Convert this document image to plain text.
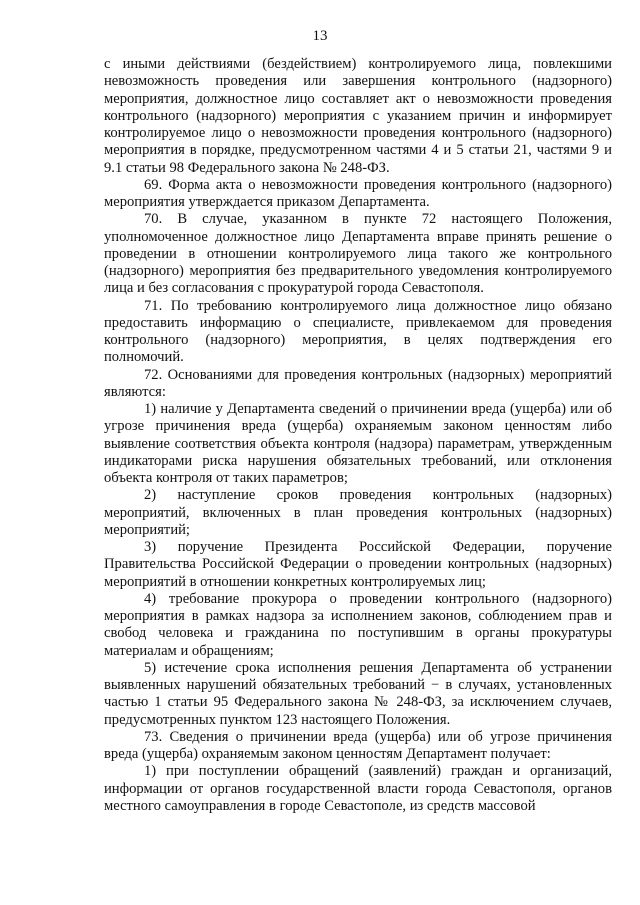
13

с иными действиями (бездействием) контролируемого лица, повлекшими невозможность проведения или завершения контрольного (надзорного) мероприятия, должностное лицо составляет акт о невозможности проведения контрольного (надзорного) мероприятия с указанием причин и информирует контролируемое лицо о невозможности проведения контрольного (надзорного) мероприятия в порядке, предусмотренном частями 4 и 5 статьи 21, частями 9 и 9.1 статьи 98 Федерального закона № 248-ФЗ.

69. Форма акта о невозможности проведения контрольного (надзорного) мероприятия утверждается приказом Департамента.

70. В случае, указанном в пункте 72 настоящего Положения, уполномоченное должностное лицо Департамента вправе принять решение о проведении в отношении контролируемого лица такого же контрольного (надзорного) мероприятия без предварительного уведомления контролируемого лица и без согласования с прокуратурой города Севастополя.

71. По требованию контролируемого лица должностное лицо обязано предоставить информацию о специалисте, привлекаемом для проведения контрольного (надзорного) мероприятия, в целях подтверждения его полномочий.

72. Основаниями для проведения контрольных (надзорных) мероприятий являются:

1) наличие у Департамента сведений о причинении вреда (ущерба) или об угрозе причинения вреда (ущерба) охраняемым законом ценностям либо выявление соответствия объекта контроля (надзора) параметрам, утвержденным индикаторами риска нарушения обязательных требований, или отклонения объекта контроля от таких параметров;

2) наступление сроков проведения контрольных (надзорных) мероприятий, включенных в план проведения контрольных (надзорных) мероприятий;

3) поручение Президента Российской Федерации, поручение Правительства Российской Федерации о проведении контрольных (надзорных) мероприятий в отношении конкретных контролируемых лиц;

4) требование прокурора о проведении контрольного (надзорного) мероприятия в рамках надзора за исполнением законов, соблюдением прав и свобод человека и гражданина по поступившим в органы прокуратуры материалам и обращениям;

5) истечение срока исполнения решения Департамента об устранении выявленных нарушений обязательных требований − в случаях, установленных частью 1 статьи 95 Федерального закона № 248-ФЗ, за исключением случаев, предусмотренных пунктом 123 настоящего Положения.

73. Сведения о причинении вреда (ущерба) или об угрозе причинения вреда (ущерба) охраняемым законом ценностям Департамент получает:

1) при поступлении обращений (заявлений) граждан и организаций, информации от органов государственной власти города Севастополя, органов местного самоуправления в городе Севастополе, из средств массовой
